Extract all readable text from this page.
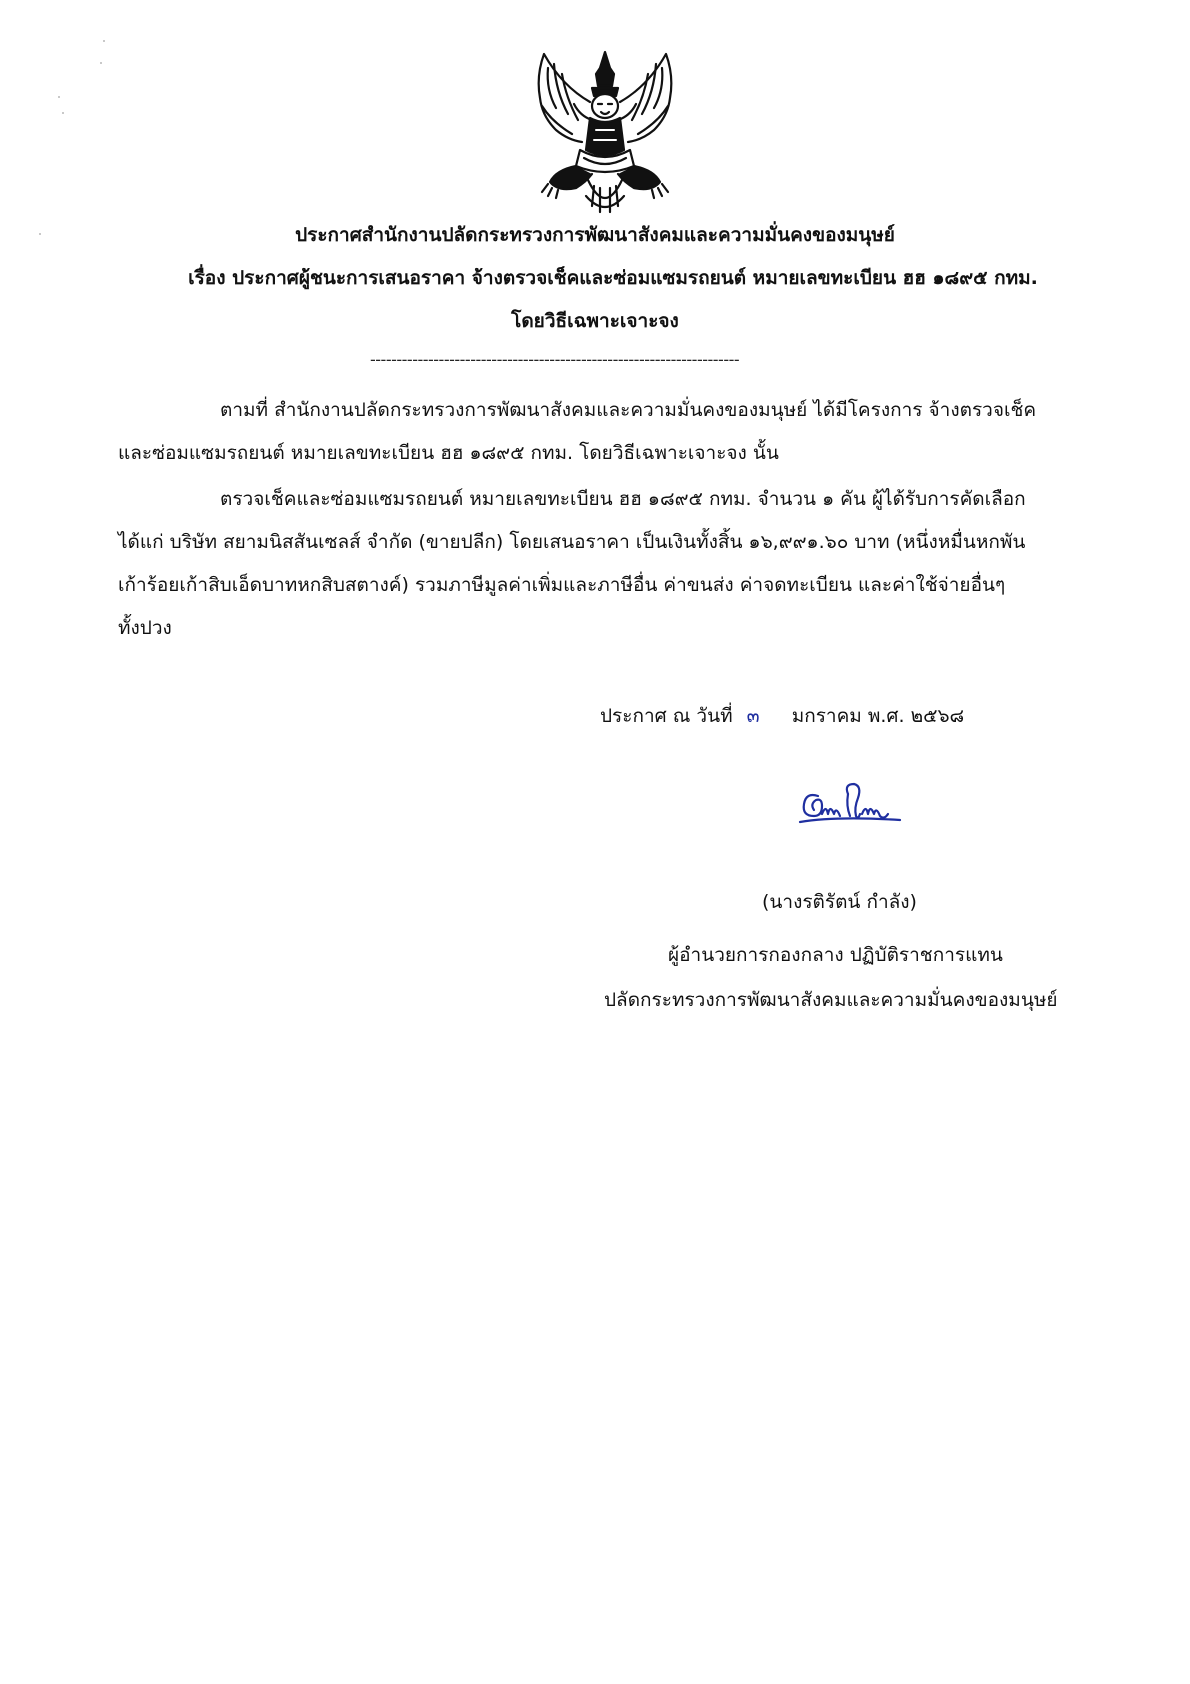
ประกาศสำนักงานปลัดกระทรวงการพัฒนาสังคมและความมั่นคงของมนุษย์
เรื่อง ประกาศผู้ชนะการเสนอราคา จ้างตรวจเช็คและซ่อมแซมรถยนต์ หมายเลขทะเบียน ฮฮ ๑๘๙๕ กทม.
โดยวิธีเฉพาะเจาะจง
----------------------------------------------------------------------
ตามที่ สำนักงานปลัดกระทรวงการพัฒนาสังคมและความมั่นคงของมนุษย์ ได้มีโครงการ จ้างตรวจเช็ค
และซ่อมแซมรถยนต์ หมายเลขทะเบียน ฮฮ ๑๘๙๕ กทม. โดยวิธีเฉพาะเจาะจง นั้น
ตรวจเช็คและซ่อมแซมรถยนต์ หมายเลขทะเบียน ฮฮ ๑๘๙๕ กทม. จำนวน ๑ คัน ผู้ได้รับการคัดเลือก
ได้แก่ บริษัท สยามนิสสันเซลส์ จำกัด (ขายปลีก) โดยเสนอราคา เป็นเงินทั้งสิ้น ๑๖,๙๙๑.๖๐ บาท (หนึ่งหมื่นหกพัน
เก้าร้อยเก้าสิบเอ็ดบาทหกสิบสตางค์) รวมภาษีมูลค่าเพิ่มและภาษีอื่น ค่าขนส่ง ค่าจดทะเบียน และค่าใช้จ่ายอื่นๆ
ทั้งปวง
ประกาศ ณ วันที่ ๓ มกราคม พ.ศ. ๒๕๖๘
(นางรติรัตน์ กำลัง)
ผู้อำนวยการกองกลาง ปฏิบัติราชการแทน
ปลัดกระทรวงการพัฒนาสังคมและความมั่นคงของมนุษย์
